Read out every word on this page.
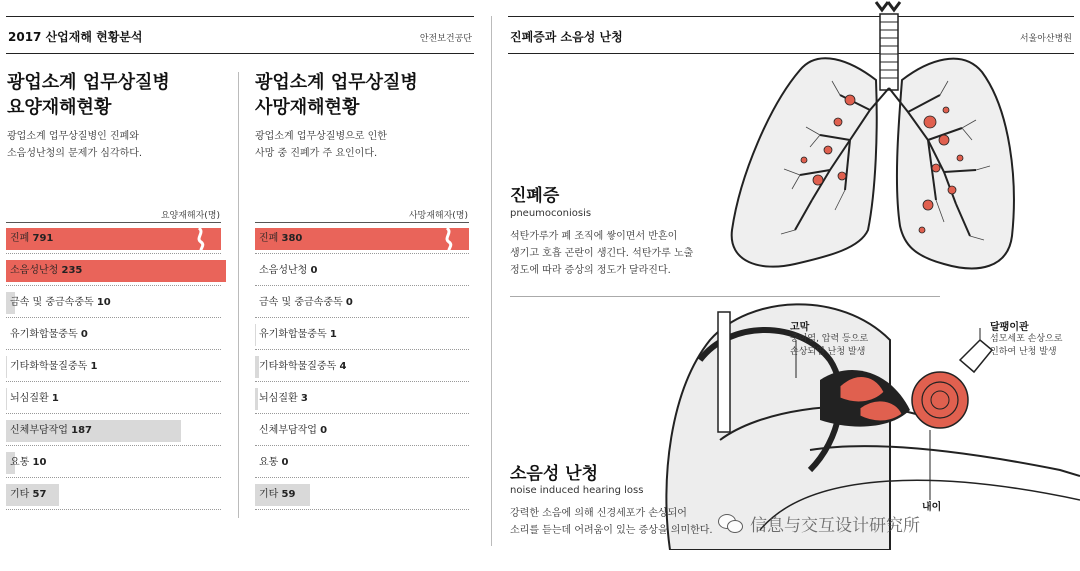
2017 산업재해 현황분석	안전보건공단	진폐증과 소음성 난청	서울아산병원
광업소계 업무상질병
요양재해현황
광업소계 업무상질병인 진폐와
소음성난청의 문제가 심각하다.
요양재해자(명)
진폐 791
소음성난청 235
금속 및 중금속중독 10
유기화합물중독 0
기타화학물질중독 1
뇌심질환 1
신체부담작업 187
요통 10
기타 57
광업소계 업무상질병
사망재해현황
광업소계 업무상질병으로 인한
사망 중 진폐가 주 요인이다.
사망재해자(명)
진폐 380
소음성난청 0
금속 및 중금속중독 0
유기화합물중독 1
기타화학물질중독 4
뇌심질환 3
신체부담작업 0
요통 0
기타 59
진폐증
pneumoconiosis
석탄가루가 폐 조직에 쌓이면서 반흔이
생기고 호흡 곤란이 생긴다. 석탄가루 노출
정도에 따라 증상의 정도가 달라진다.
고막
중이염, 압력 등으로
손상되면 난청 발생
달팽이관
섬모세포 손상으로
인하여 난청 발생
내이
소음성 난청
noise induced hearing loss
강력한 소음에 의해 신경세포가 손상되어
소리를 듣는데 어려움이 있는 증상을 의미한다.	信息与交互设计研究所
